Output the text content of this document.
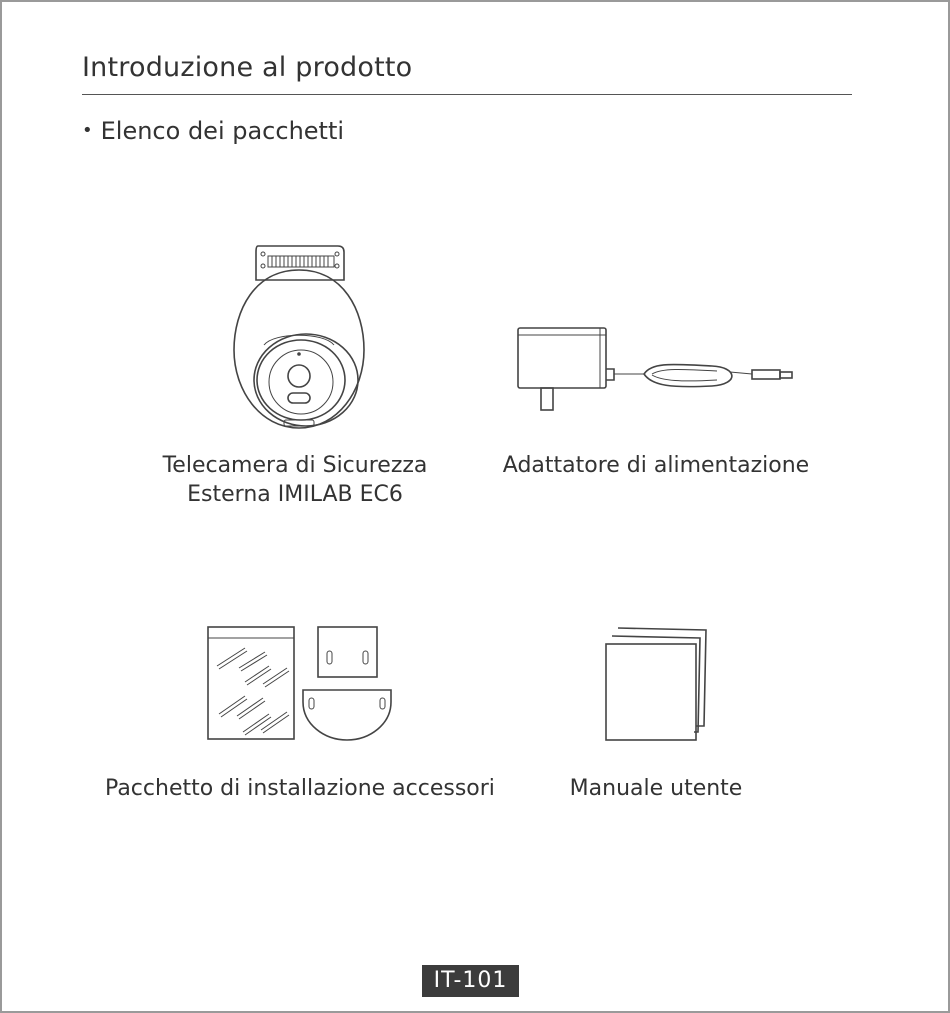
Introduzione al prodotto
• Elenco dei pacchetti
Telecamera di Sicurezza
Esterna IMILAB EC6
Adattatore di alimentazione
Pacchetto di installazione accessori	Manuale utente
IT-101
